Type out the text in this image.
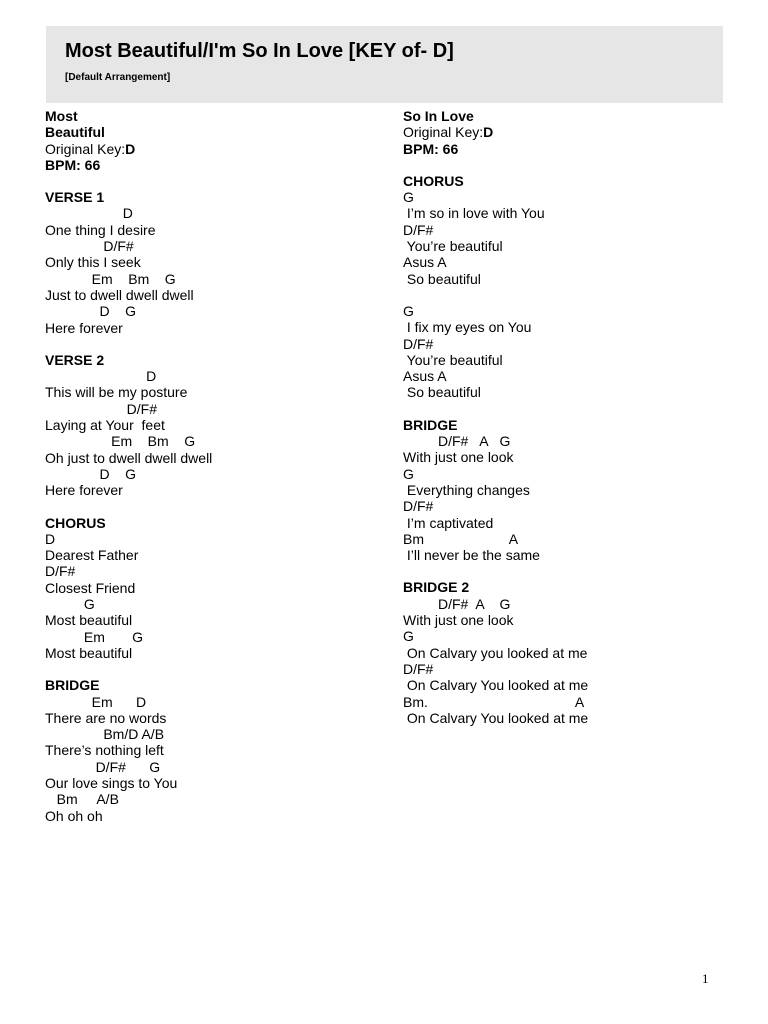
Most Beautiful/I'm So In Love [KEY of- D]
[Default Arrangement]
Most
Beautiful
Original Key:D
BPM: 66
VERSE 1
D
One thing I desire
D/F#
Only this I seek
Em    Bm    G
Just to dwell dwell dwell
D    G
Here forever
VERSE 2
D
This will be my posture
D/F#
Laying at Your  feet
Em    Bm    G
Oh just to dwell dwell dwell
D    G
Here forever
CHORUS
D
Dearest Father
D/F#
Closest Friend
G
Most beautiful
Em       G
Most beautiful
BRIDGE
Em      D
There are no words
Bm/D A/B
There’s nothing left
D/F#      G
Our love sings to You
Bm     A/B
Oh oh oh
So In Love
Original Key:D
BPM: 66
CHORUS
G
I’m so in love with You
D/F#
You’re beautiful
Asus A
So beautiful
G
I fix my eyes on You
D/F#
You’re beautiful
Asus A
So beautiful
BRIDGE
D/F#   A   G
With just one look
G
Everything changes
D/F#
I’m captivated
Bm                      A
I’ll never be the same
BRIDGE 2
D/F#  A    G
With just one look
G
On Calvary you looked at me
D/F#
On Calvary You looked at me
Bm.                                      A
On Calvary You looked at me
1
